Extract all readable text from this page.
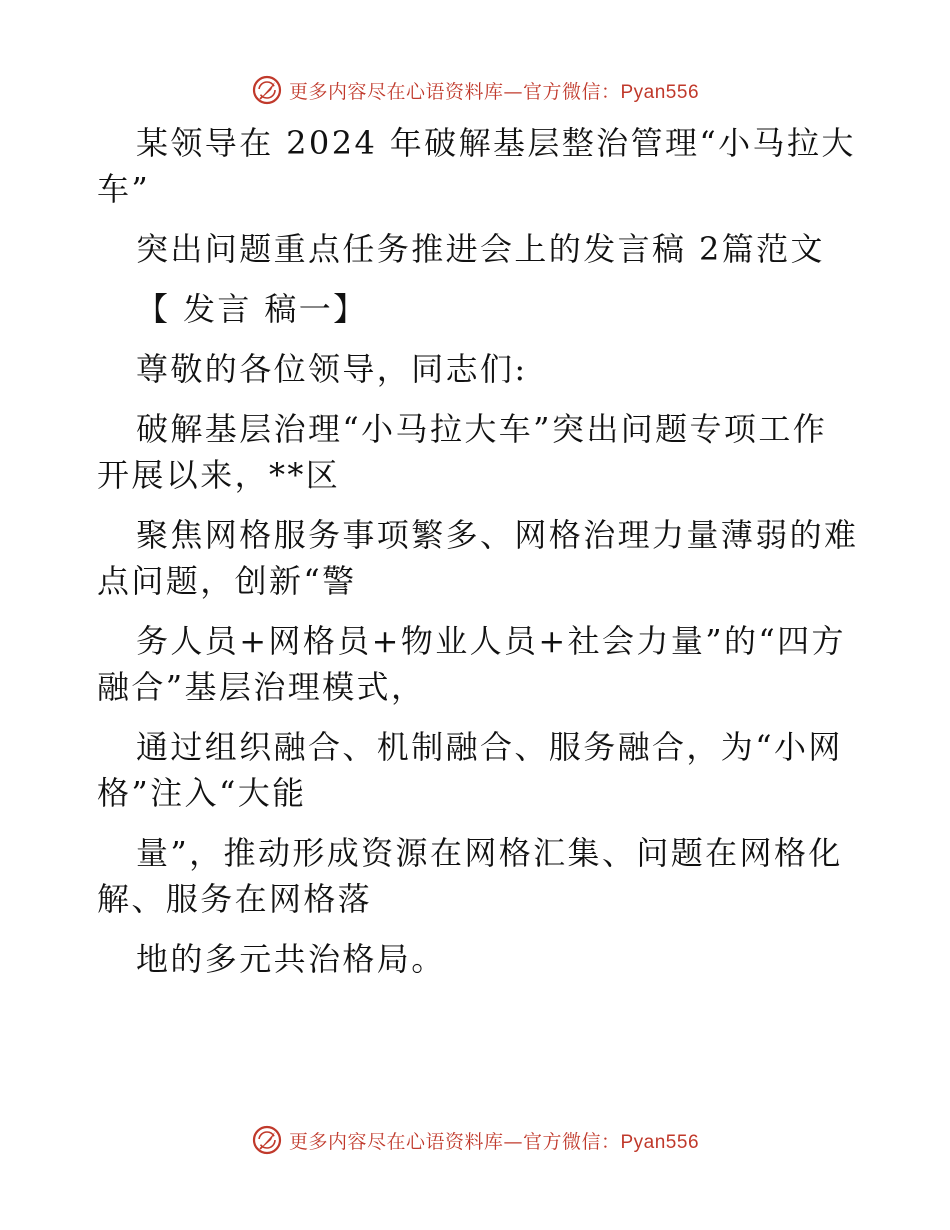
更多内容尽在心语资料库—官方微信：Pyan556
某领导在 2024 年破解基层整治管理“小马拉大
车”
突出问题重点任务推进会上的发言稿 2篇范文
【 发言 稿一】
尊敬的各位领导，同志们:
破解基层治理“小马拉大车”突出问题专项工作
开展以来，**区
聚焦网格服务事项繁多、网格治理力量薄弱的难
点问题，创新“警
务人员+网格员+物业人员+社会力量”的“四方
融合”基层治理模式，
通过组织融合、机制融合、服务融合，为“小网
格”注入“大能
量”，推动形成资源在网格汇集、问题在网格化
解、服务在网格落
地的多元共治格局。
更多内容尽在心语资料库—官方微信：Pyan556
